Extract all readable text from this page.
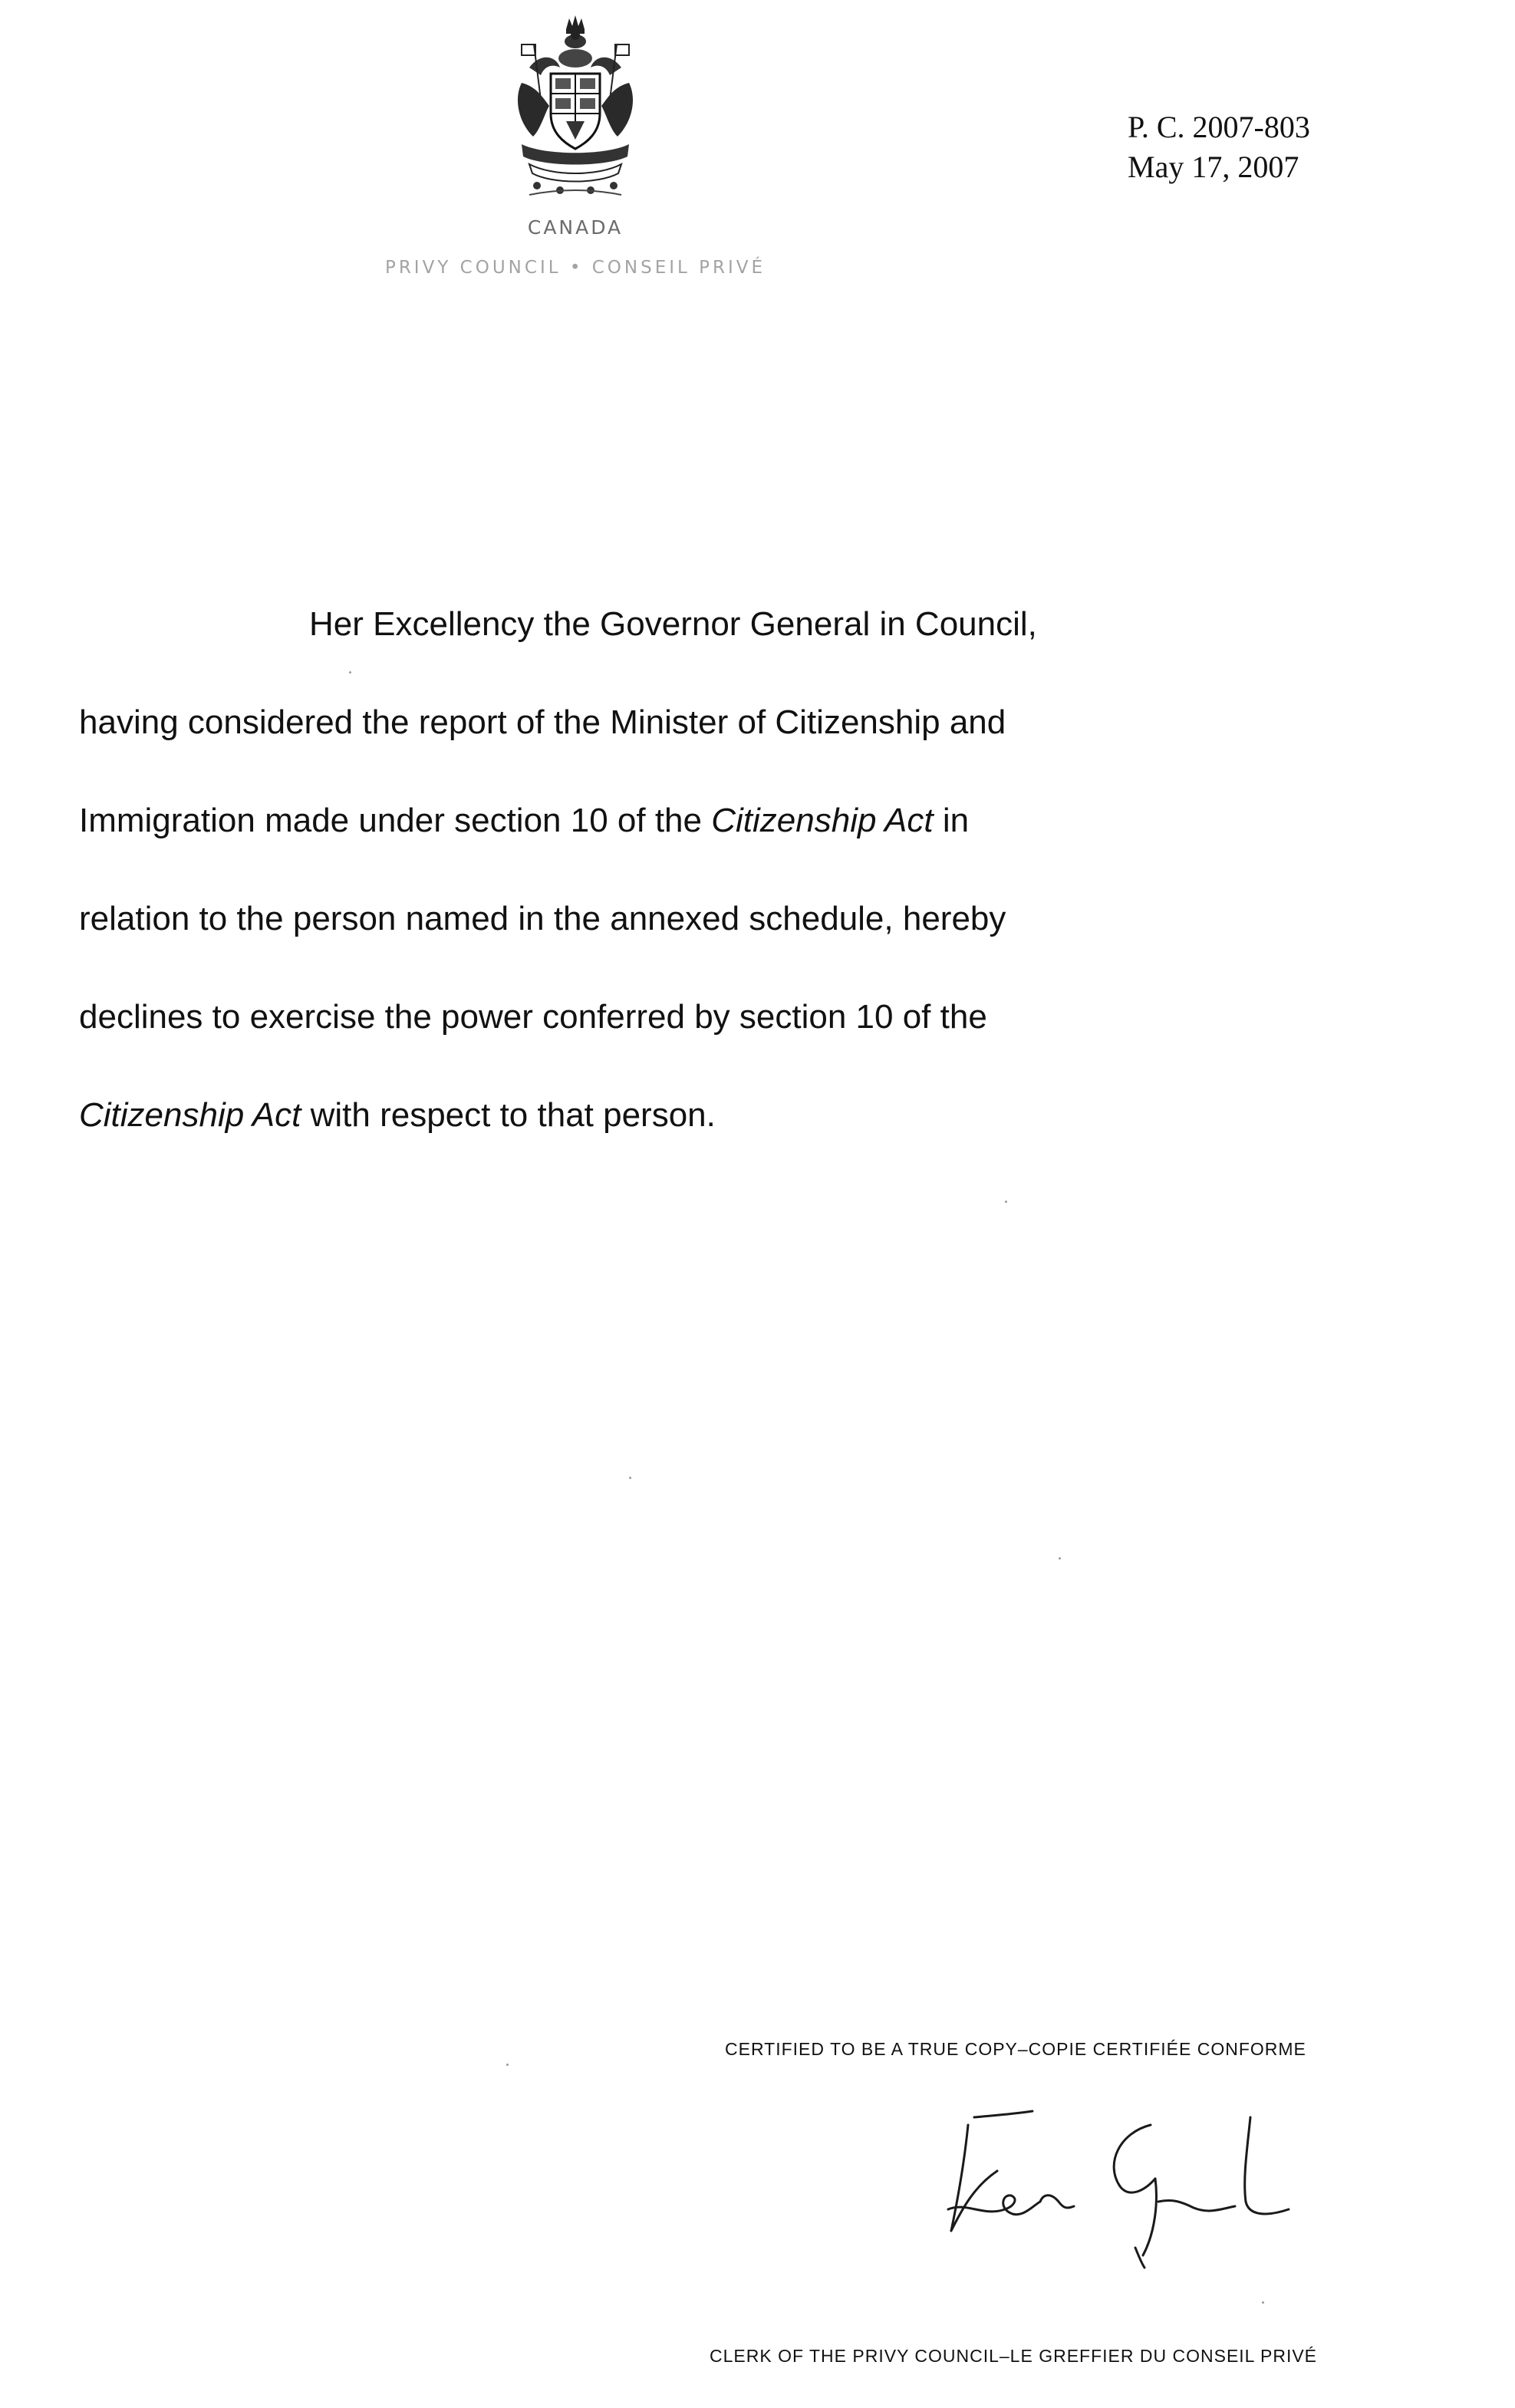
CANADA
PRIVY COUNCIL • CONSEIL PRIVÉ
P. C. 2007-803
May 17, 2007
Her Excellency the Governor General in Council,
having considered the report of the Minister of Citizenship and
Immigration made under section 10 of the Citizenship Act in
relation to the person named in the annexed schedule, hereby
declines to exercise the power conferred by section 10 of the
Citizenship Act with respect to that person.
CERTIFIED TO BE A TRUE COPY–COPIE CERTIFIÉE CONFORME
CLERK OF THE PRIVY COUNCIL–LE GREFFIER DU CONSEIL PRIVÉ
